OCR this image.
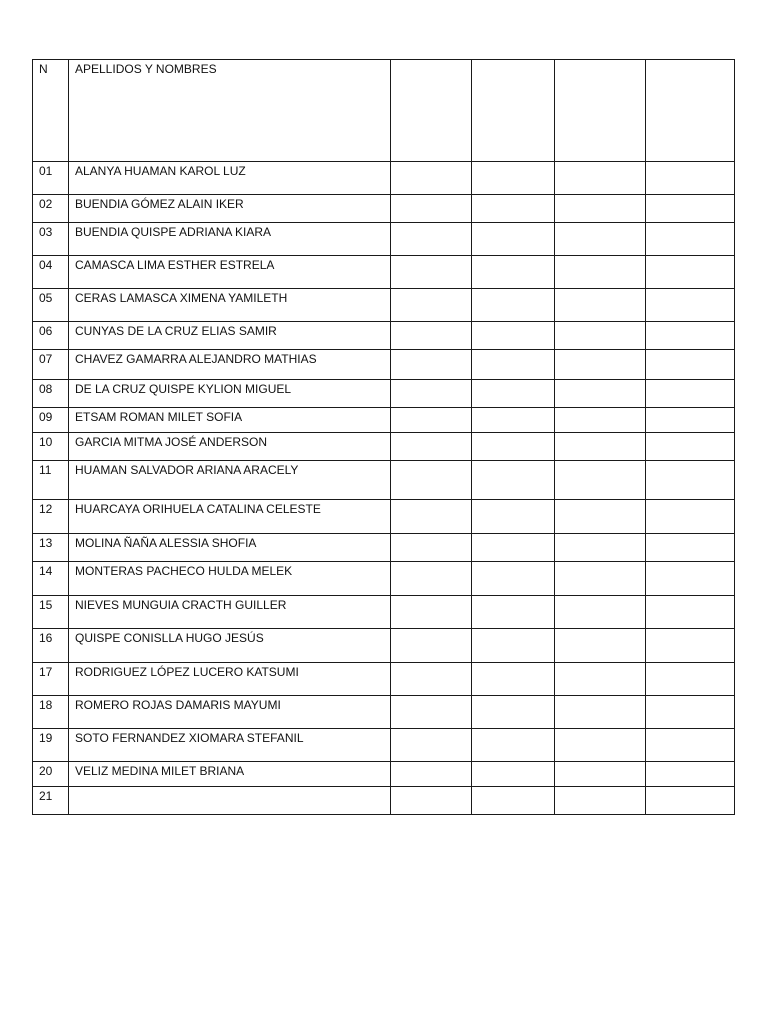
N	APELLIDOS Y NOMBRES				

01	ALANYA HUAMAN KAROL LUZ				

02	BUENDIA GÓMEZ ALAIN IKER				

03	BUENDIA QUISPE ADRIANA KIARA				

04	CAMASCA LIMA ESTHER ESTRELA				

05	CERAS LAMASCA XIMENA YAMILETH				

06	CUNYAS DE LA CRUZ ELIAS SAMIR				

07	CHAVEZ GAMARRA ALEJANDRO MATHIAS				

08	DE LA CRUZ QUISPE KYLION MIGUEL				

09	ETSAM ROMAN MILET SOFIA				

10	GARCIA MITMA JOSÉ ANDERSON				

11	HUAMAN SALVADOR ARIANA ARACELY				

12	HUARCAYA ORIHUELA CATALINA CELESTE				

13	MOLINA ÑAÑA ALESSIA SHOFIA				

14	MONTERAS PACHECO HULDA MELEK				

15	NIEVES MUNGUIA CRACTH GUILLER				

16	QUISPE CONISLLA HUGO JESÚS				

17	RODRIGUEZ LÓPEZ LUCERO KATSUMI				

18	ROMERO ROJAS DAMARIS MAYUMI				

19	SOTO FERNANDEZ XIOMARA STEFANIL				

20	VELIZ MEDINA MILET BRIANA				

21					
